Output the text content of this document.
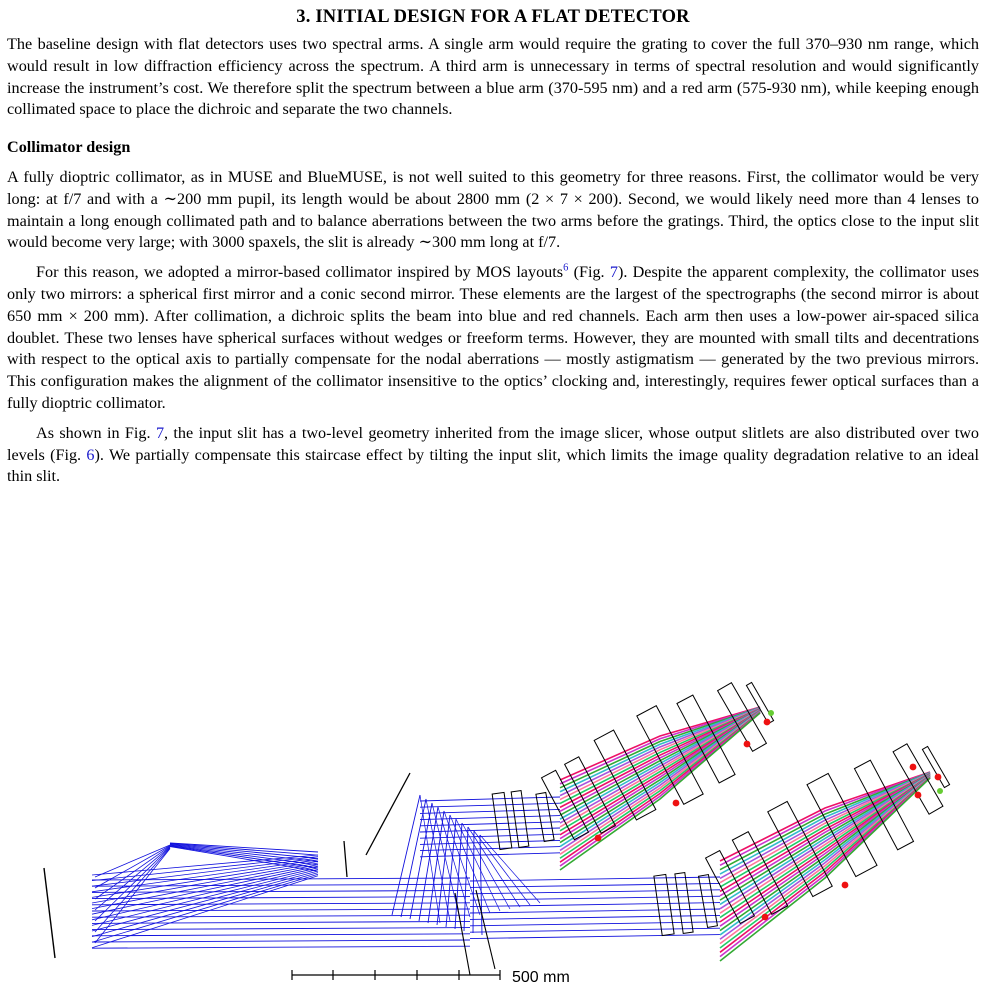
3. INITIAL DESIGN FOR A FLAT DETECTOR

The baseline design with flat detectors uses two spectral arms. A single arm would require the grating to cover the full 370–930 nm range, which would result in low diffraction efficiency across the spectrum. A third arm is unnecessary in terms of spectral resolution and would significantly increase the instrument’s cost. We therefore split the spectrum between a blue arm (370-595 nm) and a red arm (575-930 nm), while keeping enough collimated space to place the dichroic and separate the two channels.

Collimator design

A fully dioptric collimator, as in MUSE and BlueMUSE, is not well suited to this geometry for three reasons. First, the collimator would be very long: at f/7 and with a ∼200 mm pupil, its length would be about 2800 mm (2 × 7 × 200). Second, we would likely need more than 4 lenses to maintain a long enough collimated path and to balance aberrations between the two arms before the gratings. Third, the optics close to the input slit would become very large; with 3000 spaxels, the slit is already ∼300 mm long at f/7.

For this reason, we adopted a mirror-based collimator inspired by MOS layouts$^6$ (Fig. 7). Despite the apparent complexity, the collimator uses only two mirrors: a spherical first mirror and a conic second mirror. These elements are the largest of the spectrographs (the second mirror is about 650 mm × 200 mm). After collimation, a dichroic splits the beam into blue and red channels. Each arm then uses a low-power air-spaced silica doublet. These two lenses have spherical surfaces without wedges or freeform terms. However, they are mounted with small tilts and decentrations with respect to the optical axis to partially compensate for the nodal aberrations — mostly astigmatism — generated by the two previous mirrors. This configuration makes the alignment of the collimator insensitive to the optics’ clocking and, interestingly, requires fewer optical surfaces than a fully dioptric collimator.

As shown in Fig. 7, the input slit has a two-level geometry inherited from the image slicer, whose output slitlets are also distributed over two levels (Fig. 6). We partially compensate this staircase effect by tilting the input slit, which limits the image quality degradation relative to an ideal thin slit.

500 mm
